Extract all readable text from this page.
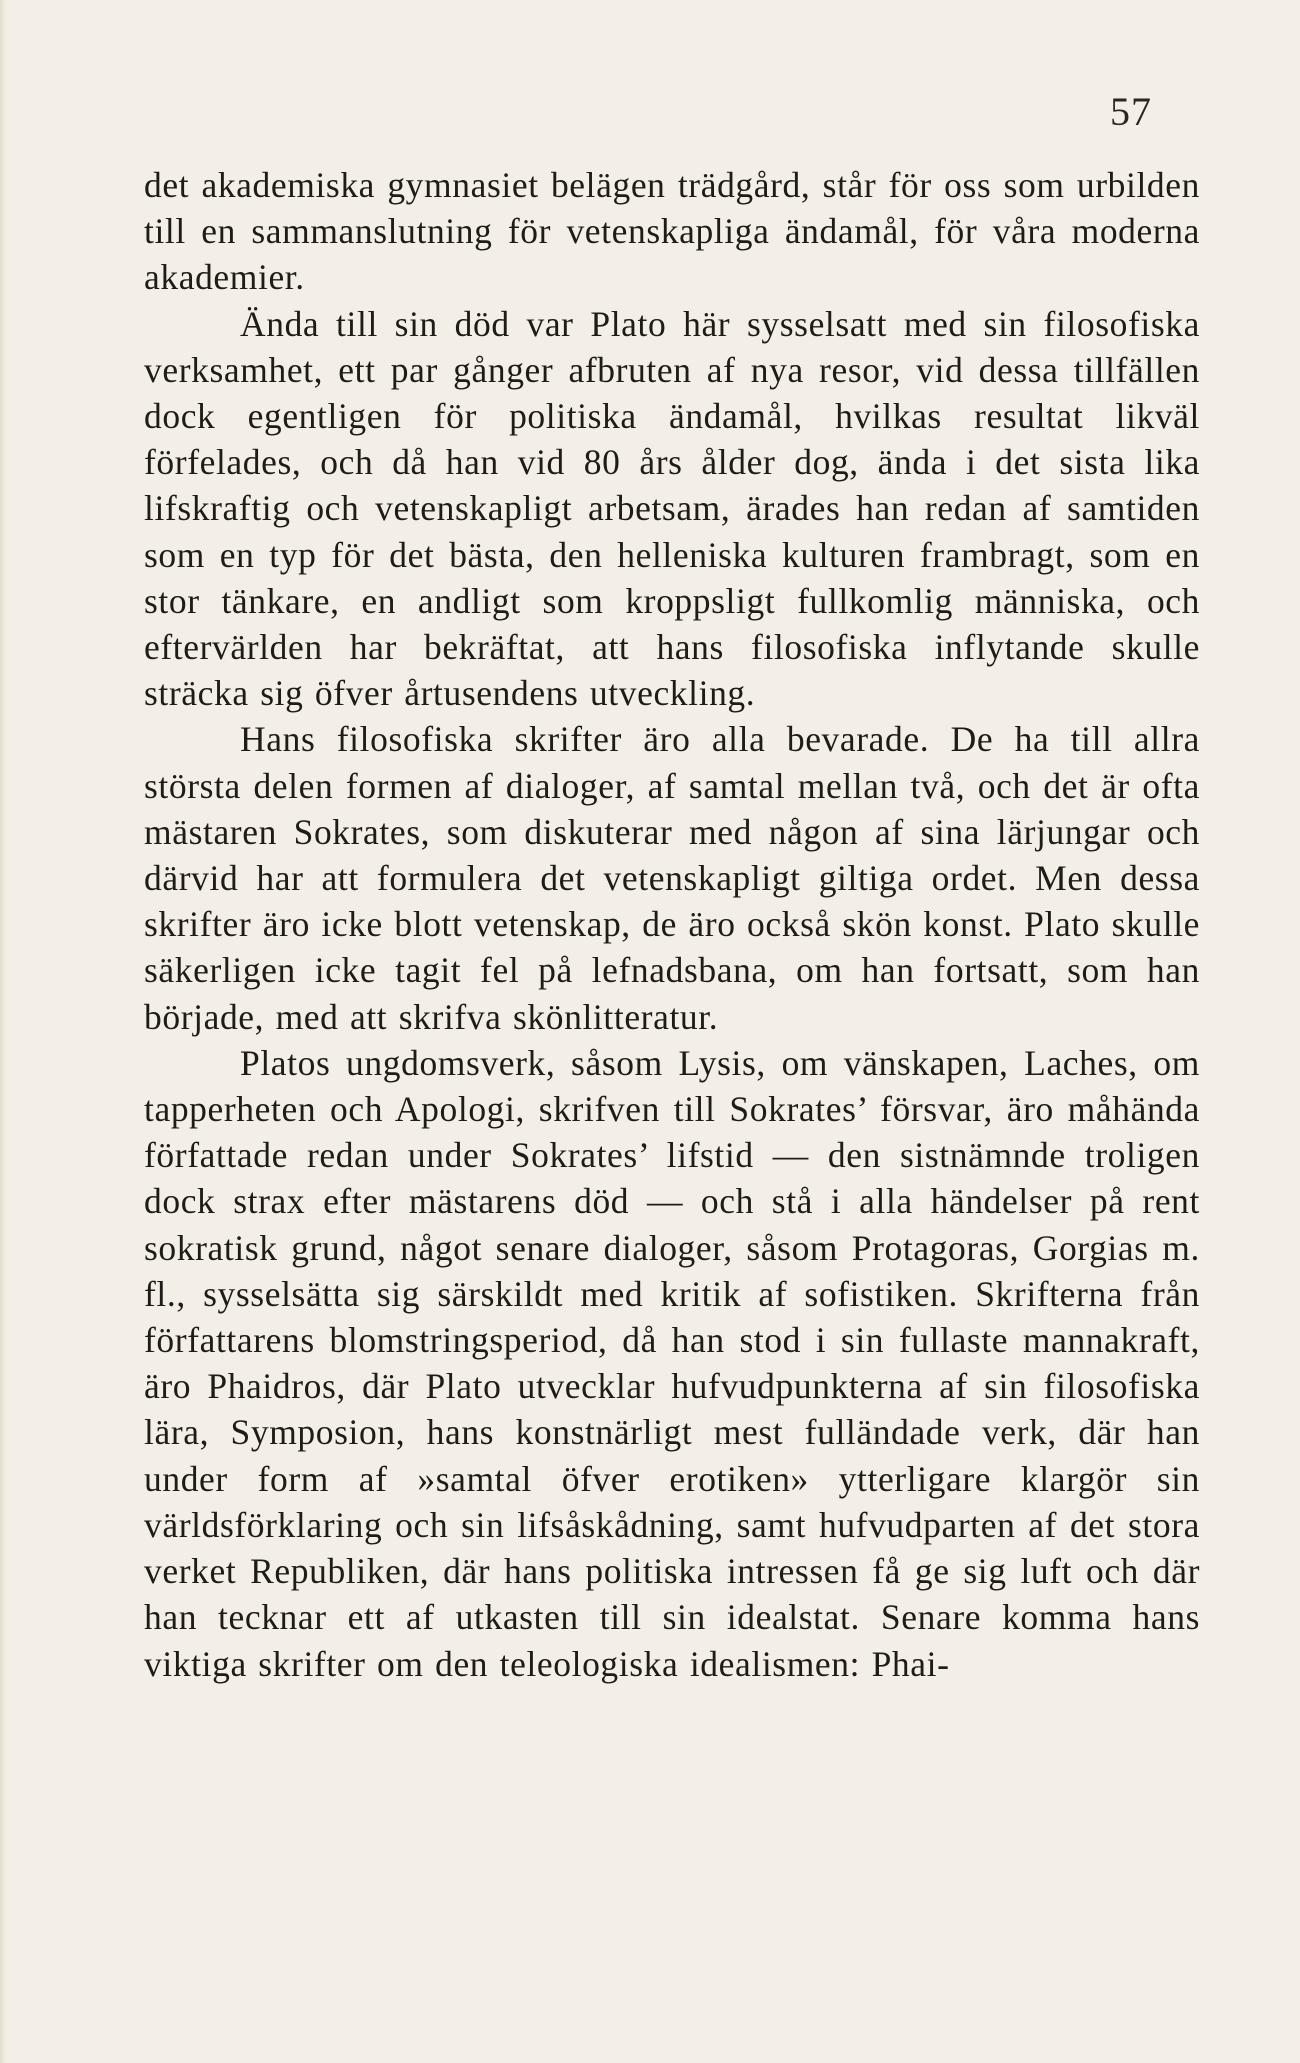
57

det akademiska gymnasiet belägen trädgård, står för oss som urbilden till en sammanslutning för vetenskapliga ändamål, för våra moderna akademier.

Ända till sin död var Plato här sysselsatt med sin filosofiska verksamhet, ett par gånger afbruten af nya resor, vid dessa tillfällen dock egentligen för politiska ändamål, hvilkas resultat likväl förfelades, och då han vid 80 års ålder dog, ända i det sista lika lifskraftig och vetenskapligt arbetsam, ärades han redan af samtiden som en typ för det bästa, den helleniska kulturen frambragt, som en stor tänkare, en andligt som kroppsligt fullkomlig människa, och eftervärlden har bekräftat, att hans filosofiska inflytande skulle sträcka sig öfver årtusendens utveckling.

Hans filosofiska skrifter äro alla bevarade. De ha till allra största delen formen af dialoger, af samtal mellan två, och det är ofta mästaren Sokrates, som diskuterar med någon af sina lärjungar och därvid har att formulera det vetenskapligt giltiga ordet. Men dessa skrifter äro icke blott vetenskap, de äro också skön konst. Plato skulle säkerligen icke tagit fel på lefnadsbana, om han fortsatt, som han började, med att skrifva skönlitteratur.

Platos ungdomsverk, såsom Lysis, om vänskapen, Laches, om tapperheten och Apologi, skrifven till Sokrates’ försvar, äro måhända författade redan under Sokrates’ lifstid — den sistnämnde troligen dock strax efter mästarens död — och stå i alla händelser på rent sokratisk grund, något senare dialoger, såsom Protagoras, Gorgias m. fl., sysselsätta sig särskildt med kritik af sofistiken. Skrifterna från författarens blomstringsperiod, då han stod i sin fullaste mannakraft, äro Phaidros, där Plato utvecklar hufvudpunkterna af sin filosofiska lära, Symposion, hans konstnärligt mest fulländade verk, där han under form af »samtal öfver erotiken» ytterligare klargör sin världsförklaring och sin lifsåskådning, samt hufvudparten af det stora verket Republiken, där hans politiska intressen få ge sig luft och där han tecknar ett af utkasten till sin idealstat. Senare komma hans viktiga skrifter om den teleologiska idealismen: Phai-
